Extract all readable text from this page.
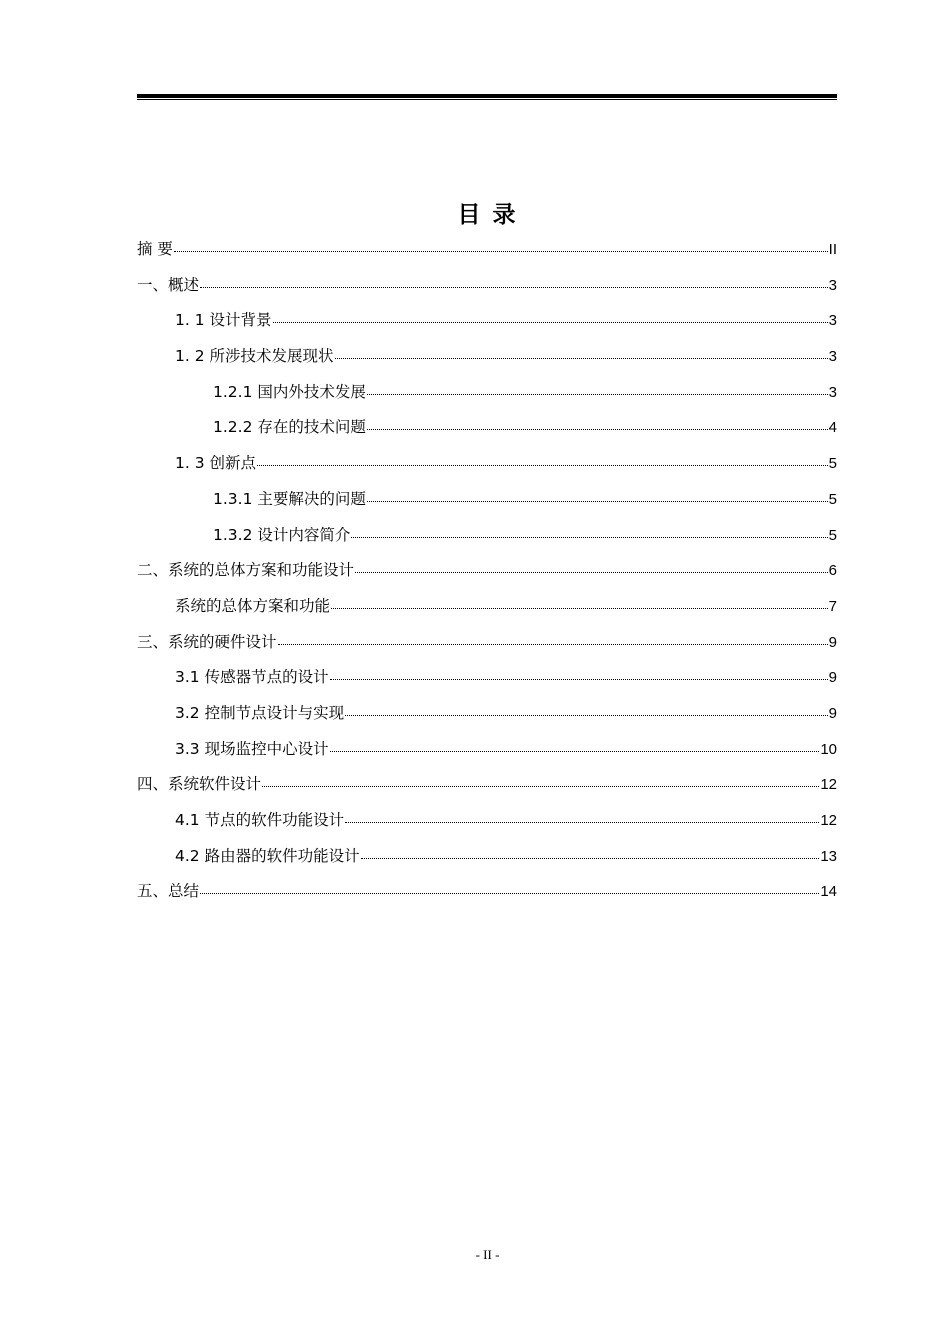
目 录
摘 要	II
一、概述	3
1. 1 设计背景	3
1. 2 所涉技术发展现状	3
1.2.1 国内外技术发展	3
1.2.2 存在的技术问题	4
1. 3 创新点	5
1.3.1 主要解决的问题	5
1.3.2 设计内容简介	5
二、系统的总体方案和功能设计	6
系统的总体方案和功能	7
三、系统的硬件设计	9
3.1 传感器节点的设计	9
3.2 控制节点设计与实现	9
3.3 现场监控中心设计	10
四、系统软件设计	12
4.1 节点的软件功能设计	12
4.2 路由器的软件功能设计	13
五、总结	14
- II -
